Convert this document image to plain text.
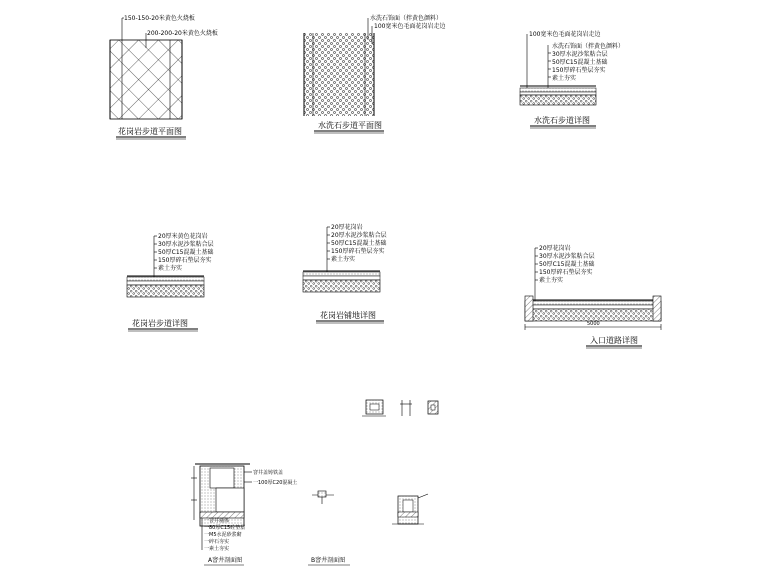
150-150-20米黄色火烧板
200-200-20米黄色火烧板
花岗岩步道平面图
水洗石饰面（拌黄色颜料）
100宽米色毛面花岗岩走边
水洗石步道平面图
100宽米色毛面花岗岩走边
水洗石饰面（拌黄色颜料）
30厚水泥沙浆粘合层
50厚C15混凝土基础
150厚碎石垫层夯实
素土夯实
水洗石步道详图
20厚米黄色花岗岩
30厚水泥沙浆粘合层
50厚C15混凝土基础
150厚碎石垫层夯实
素土夯实
花岗岩步道详图
20厚花岗岩
20厚水泥沙浆粘合层
50厚C15混凝土基础
150厚碎石垫层夯实
素土夯实
花岗岩铺地详图
20厚花岗岩
30厚水泥沙浆粘合层
50厚C15混凝土基础
150厚碎石垫层夯实
素土夯实
5000
入口道路详图
窨井盖铸铁盖
一100厚C20混凝土
一窨井墙体
一80厚C15砼垫层
一M5水泥砂浆砌
一碎石夯实
一素土夯实
A窨井剖面图	B窨井剖面图
